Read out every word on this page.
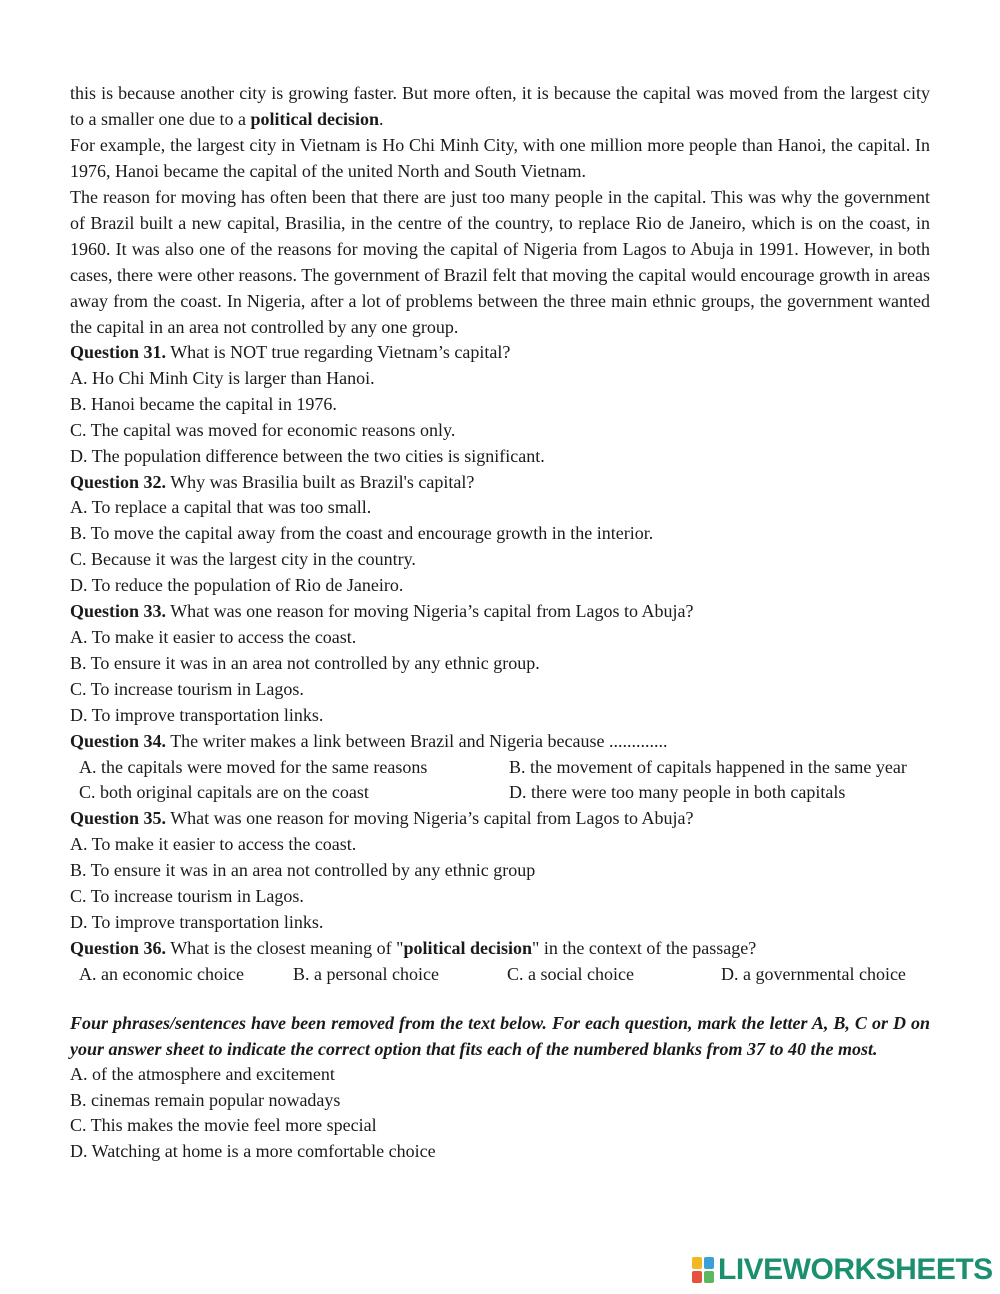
this is because another city is growing faster. But more often, it is because the capital was moved from the largest city to a smaller one due to a political decision.

For example, the largest city in Vietnam is Ho Chi Minh City, with one million more people than Hanoi, the capital. In 1976, Hanoi became the capital of the united North and South Vietnam.

The reason for moving has often been that there are just too many people in the capital. This was why the government of Brazil built a new capital, Brasilia, in the centre of the country, to replace Rio de Janeiro, which is on the coast, in 1960. It was also one of the reasons for moving the capital of Nigeria from Lagos to Abuja in 1991. However, in both cases, there were other reasons. The government of Brazil felt that moving the capital would encourage growth in areas away from the coast. In Nigeria, after a lot of problems between the three main ethnic groups, the government wanted the capital in an area not controlled by any one group.

Question 31. What is NOT true regarding Vietnam’s capital?

A. Ho Chi Minh City is larger than Hanoi.

B. Hanoi became the capital in 1976.

C. The capital was moved for economic reasons only.

D. The population difference between the two cities is significant.

Question 32. Why was Brasilia built as Brazil's capital?

A. To replace a capital that was too small.

B. To move the capital away from the coast and encourage growth in the interior.

C. Because it was the largest city in the country.

D. To reduce the population of Rio de Janeiro.

Question 33. What was one reason for moving Nigeria’s capital from Lagos to Abuja?

A. To make it easier to access the coast.

B. To ensure it was in an area not controlled by any ethnic group.

C. To increase tourism in Lagos.

D. To improve transportation links.

Question 34. The writer makes a link between Brazil and Nigeria because .............

A. the capitals were moved for the same reasons	B. the movement of capitals happened in the same year
C. both original capitals are on the coast	D. there were too many people in both capitals

Question 35. What was one reason for moving Nigeria’s capital from Lagos to Abuja?

A. To make it easier to access the coast.

B. To ensure it was in an area not controlled by any ethnic group

C. To increase tourism in Lagos.

D. To improve transportation links.

Question 36. What is the closest meaning of "political decision" in the context of the passage?

A. an economic choice	B. a personal choice	C. a social choice	D. a governmental choice

Four phrases/sentences have been removed from the text below. For each question, mark the letter A, B, C or D on your answer sheet to indicate the correct option that fits each of the numbered blanks from 37 to 40 the most.

A. of the atmosphere and excitement

B. cinemas remain popular nowadays

C. This makes the movie feel more special

D. Watching at home is a more comfortable choice

LIVEWORKSHEETS
